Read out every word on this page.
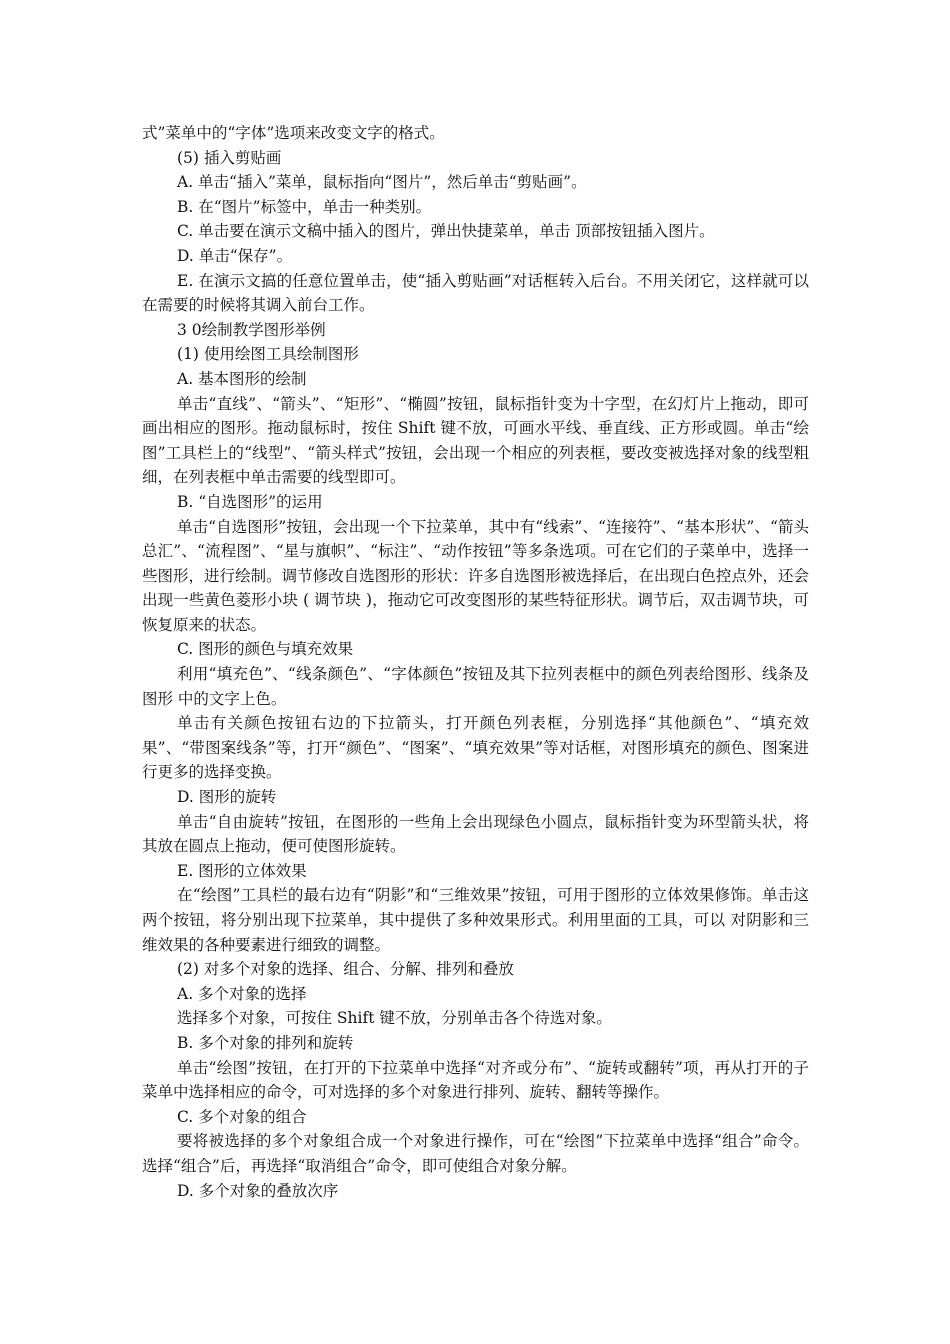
式”菜单中的“字体”选项来改变文字的格式。

(5) 插入剪贴画

A. 单击“插入”菜单，鼠标指向“图片”，然后单击“剪贴画”。

B. 在“图片”标签中，单击一种类别。

C. 单击要在演示文稿中插入的图片，弹出快捷菜单，单击 顶部按钮插入图片。

D. 单击“保存”。

E. 在演示文搞的任意位置单击，使“插入剪贴画”对话框转入后台。不用关闭它，这样就可以在需要的时候将其调入前台工作。

3 0绘制教学图形举例

(1) 使用绘图工具绘制图形

A. 基本图形的绘制

单击“直线”、“箭头”、“矩形”、“椭圆”按钮，鼠标指针变为十字型，在幻灯片上拖动，即可画出相应的图形。拖动鼠标时，按住 Shift 键不放，可画水平线、垂直线、正方形或圆。单击“绘图”工具栏上的“线型”、“箭头样式”按钮，会出现一个相应的列表框，要改变被选择对象的线型粗细，在列表框中单击需要的线型即可。

B. “自选图形”的运用

单击“自选图形”按钮，会出现一个下拉菜单，其中有“线索”、“连接符”、“基本形状”、“箭头总汇”、“流程图”、“星与旗帜”、“标注”、“动作按钮”等多条选项。可在它们的子菜单中，选择一些图形，进行绘制。调节修改自选图形的形状：许多自选图形被选择后，在出现白色控点外，还会出现一些黄色菱形小块 ( 调节块 )，拖动它可改变图形的某些特征形状。调节后，双击调节块，可恢复原来的状态。

C. 图形的颜色与填充效果

利用“填充色”、“线条颜色”、“字体颜色”按钮及其下拉列表框中的颜色列表给图形、线条及图形 中的文字上色。

单击有关颜色按钮右边的下拉箭头，打开颜色列表框，分别选择“其他颜色”、“填充效果”、“带图案线条”等，打开“颜色”、“图案”、“填充效果”等对话框，对图形填充的颜色、图案进行更多的选择变换。

D. 图形的旋转

单击“自由旋转”按钮，在图形的一些角上会出现绿色小圆点，鼠标指针变为环型箭头状，将其放在圆点上拖动，便可使图形旋转。

E. 图形的立体效果

在“绘图”工具栏的最右边有“阴影”和“三维效果”按钮，可用于图形的立体效果修饰。单击这两个按钮，将分别出现下拉菜单，其中提供了多种效果形式。利用里面的工具，可以 对阴影和三维效果的各种要素进行细致的调整。

(2) 对多个对象的选择、组合、分解、排列和叠放

A. 多个对象的选择

选择多个对象，可按住 Shift 键不放，分别单击各个待选对象。

B. 多个对象的排列和旋转

单击“绘图”按钮，在打开的下拉菜单中选择“对齐或分布”、“旋转或翻转”项，再从打开的子菜单中选择相应的命令，可对选择的多个对象进行排列、旋转、翻转等操作。

C. 多个对象的组合

要将被选择的多个对象组合成一个对象进行操作，可在“绘图”下拉菜单中选择“组合”命令。选择“组合”后，再选择“取消组合”命令，即可使组合对象分解。

D. 多个对象的叠放次序
